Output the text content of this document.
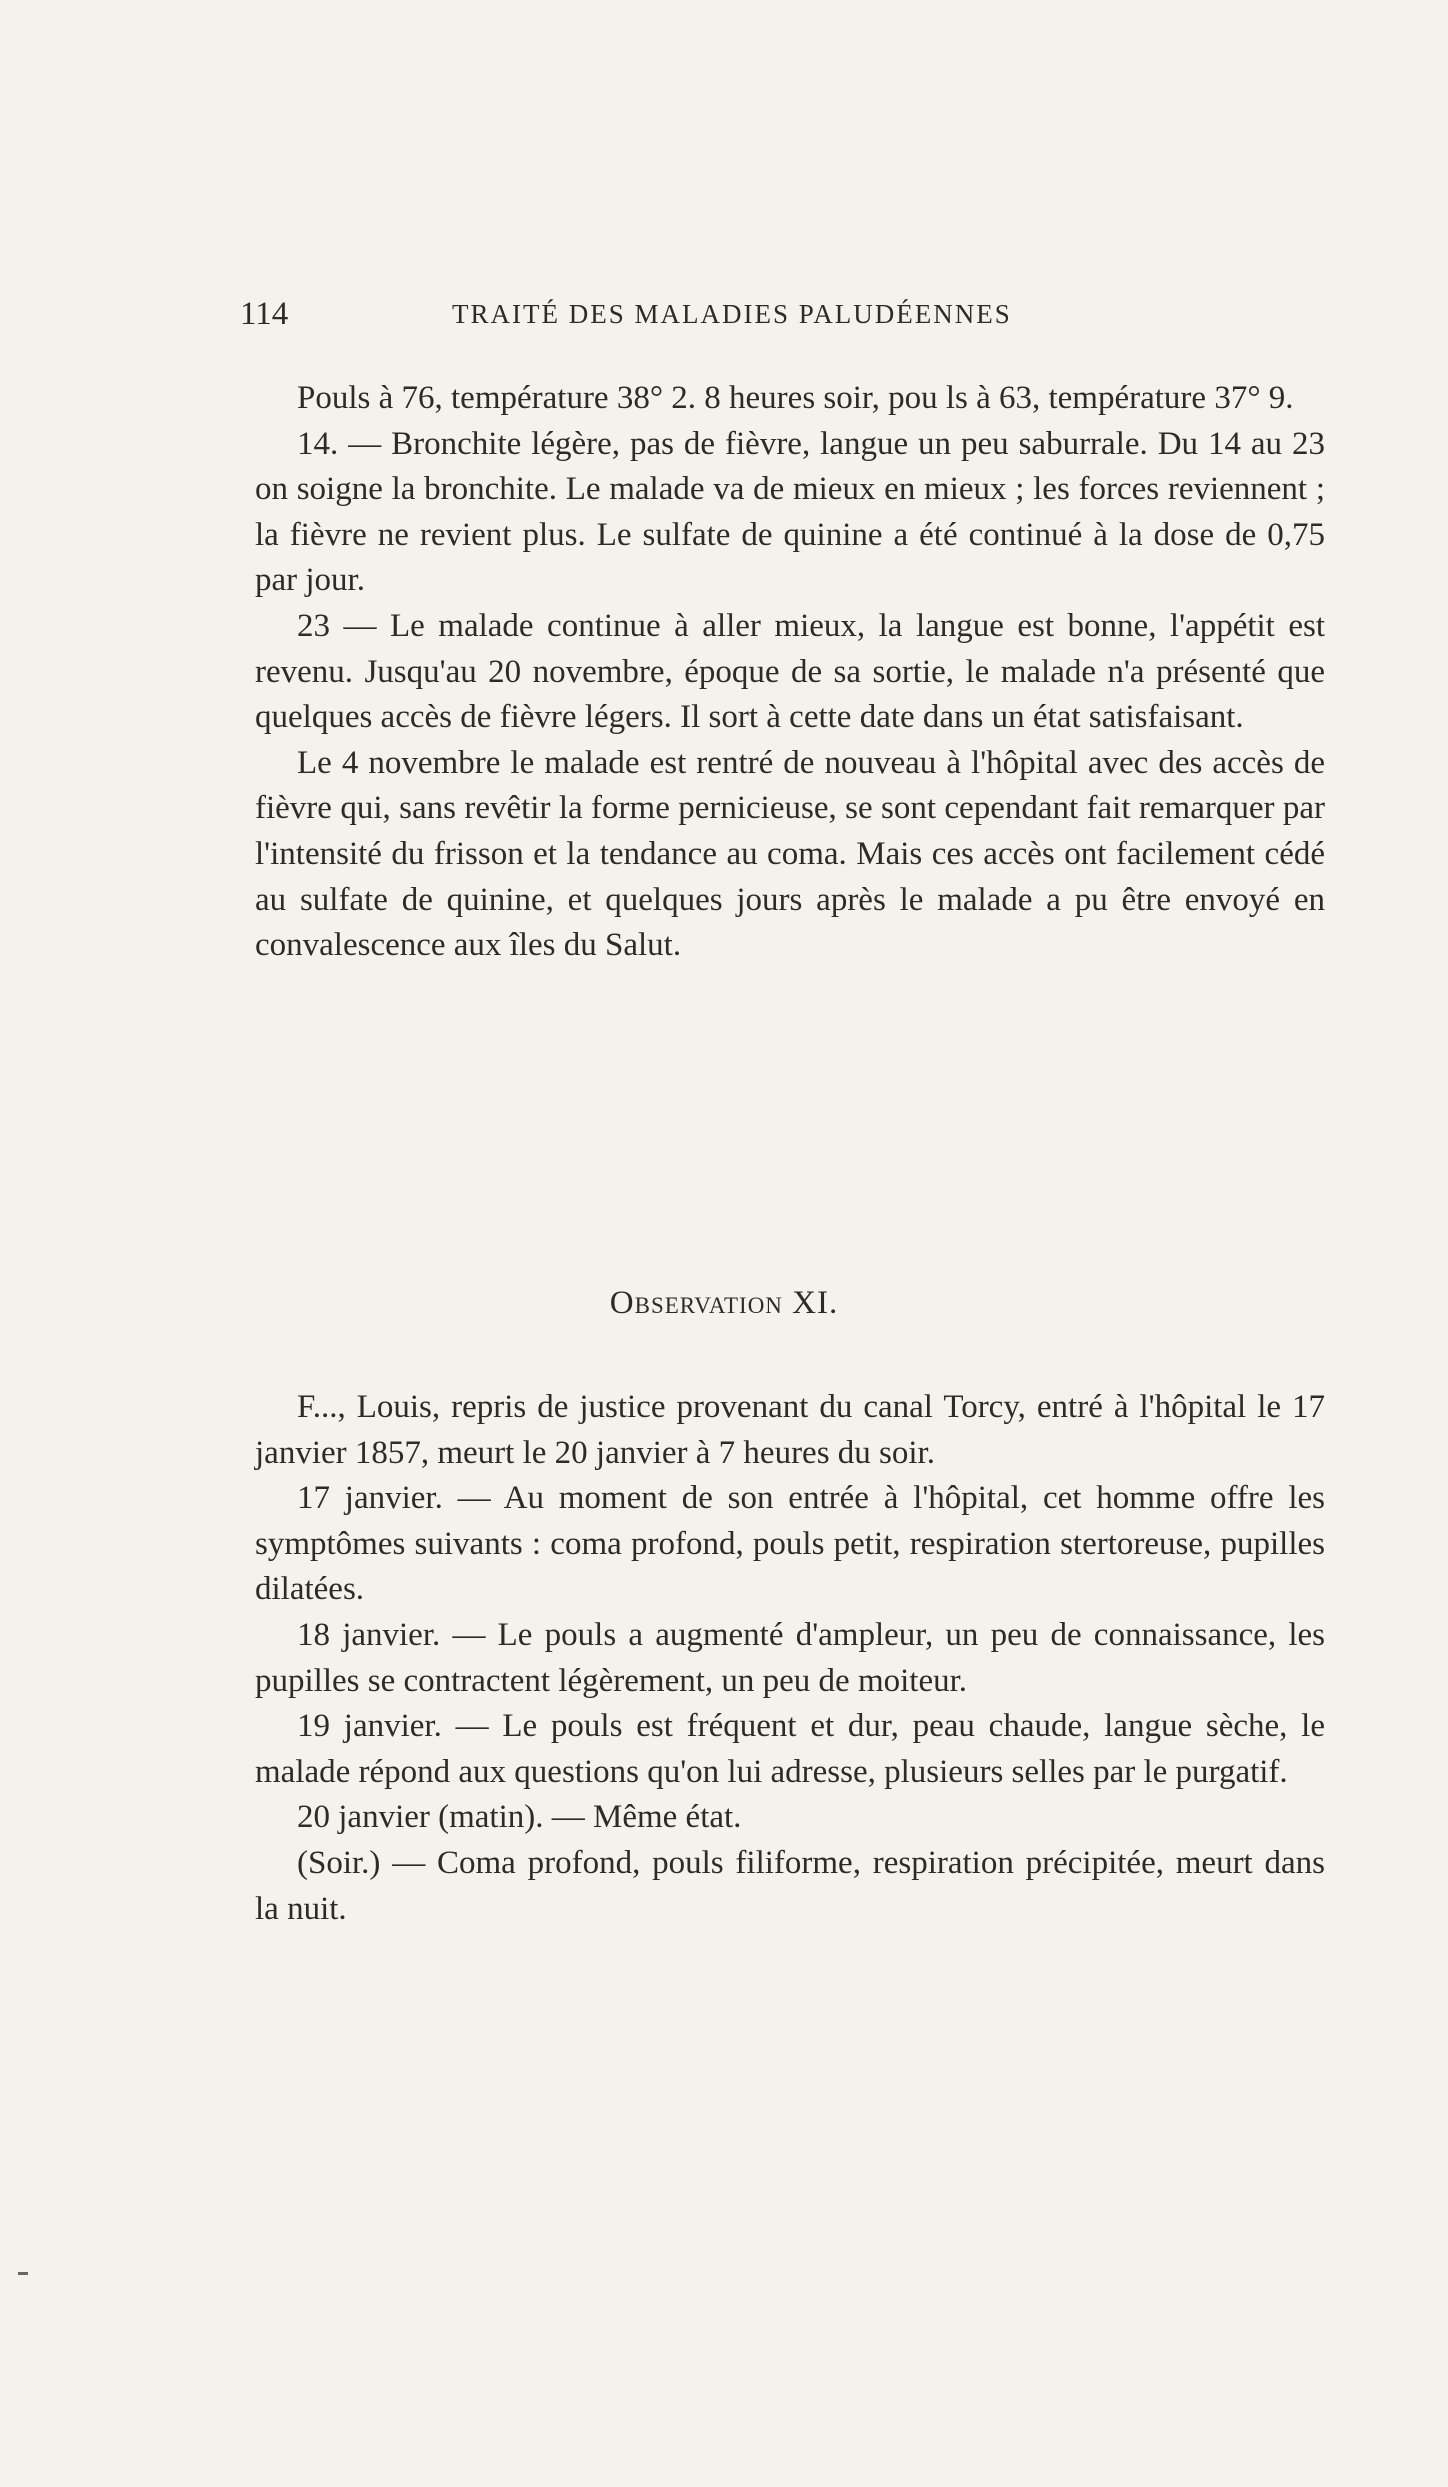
114	TRAITÉ DES MALADIES PALUDÉENNES

Pouls à 76, température 38° 2. 8 heures soir, pou ls à 63, température 37° 9.

14. — Bronchite légère, pas de fièvre, langue un peu saburrale. Du 14 au 23 on soigne la bronchite. Le malade va de mieux en mieux ; les forces reviennent ; la fièvre ne revient plus. Le sulfate de quinine a été continué à la dose de 0,75 par jour.

23 — Le malade continue à aller mieux, la langue est bonne, l'appétit est revenu. Jusqu'au 20 novembre, époque de sa sortie, le malade n'a présenté que quelques accès de fièvre légers. Il sort à cette date dans un état satisfaisant.

Le 4 novembre le malade est rentré de nouveau à l'hôpital avec des accès de fièvre qui, sans revêtir la forme pernicieuse, se sont cependant fait remarquer par l'intensité du frisson et la tendance au coma. Mais ces accès ont facilement cédé au sulfate de quinine, et quelques jours après le malade a pu être envoyé en convalescence aux îles du Salut.

Observation XI.

F..., Louis, repris de justice provenant du canal Torcy, entré à l'hôpital le 17 janvier 1857, meurt le 20 janvier à 7 heures du soir.

17 janvier. — Au moment de son entrée à l'hôpital, cet homme offre les symptômes suivants : coma profond, pouls petit, respiration stertoreuse, pupilles dilatées.

18 janvier. — Le pouls a augmenté d'ampleur, un peu de connaissance, les pupilles se contractent légèrement, un peu de moiteur.

19 janvier. — Le pouls est fréquent et dur, peau chaude, langue sèche, le malade répond aux questions qu'on lui adresse, plusieurs selles par le purgatif.

20 janvier (matin). — Même état.

(Soir.) — Coma profond, pouls filiforme, respiration précipitée, meurt dans la nuit.
